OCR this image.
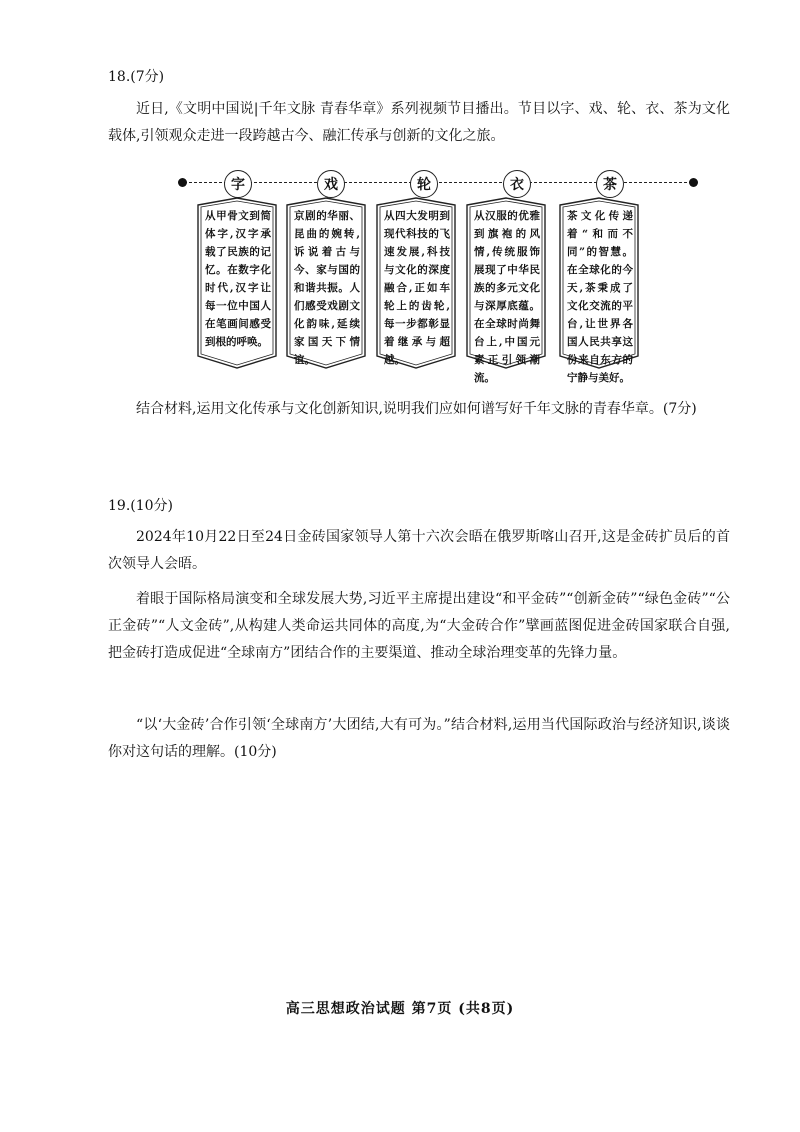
18.(7分)

近日,《文明中国说|千年文脉 青春华章》系列视频节目播出。节目以字、戏、轮、衣、茶为文化载体,引领观众走进一段跨越古今、融汇传承与创新的文化之旅。

字	戏	轮	衣	茶
从甲骨文到简体字,汉字承载了民族的记忆。在数字化时代,汉字让每一位中国人在笔画间感受到根的呼唤。
京剧的华丽、昆曲的婉转,诉说着古与今、家与国的和谐共振。人们感受戏剧文化韵味,延续家国天下情谊。
从四大发明到现代科技的飞速发展,科技与文化的深度融合,正如车轮上的齿轮,每一步都彰显着继承与超越。
从汉服的优雅到旗袍的风情,传统服饰展现了中华民族的多元文化与深厚底蕴。在全球时尚舞台上,中国元素正引领潮流。
茶文化传递着“和而不同”的智慧。在全球化的今天,茶秉成了文化交流的平台,让世界各国人民共享这份来自东方的宁静与美好。

结合材料,运用文化传承与文化创新知识,说明我们应如何谱写好千年文脉的青春华章。(7分)

19.(10分)

2024年10月22日至24日金砖国家领导人第十六次会晤在俄罗斯喀山召开,这是金砖扩员后的首次领导人会晤。

着眼于国际格局演变和全球发展大势,习近平主席提出建设“和平金砖”“创新金砖”“绿色金砖”“公正金砖”“人文金砖”,从构建人类命运共同体的高度,为“大金砖合作”擘画蓝图促进金砖国家联合自强,把金砖打造成促进“全球南方”团结合作的主要渠道、推动全球治理变革的先锋力量。

“以‘大金砖’合作引领‘全球南方’大团结,大有可为。”结合材料,运用当代国际政治与经济知识,谈谈你对这句话的理解。(10分)

高三思想政治试题 第7页 (共8页)
